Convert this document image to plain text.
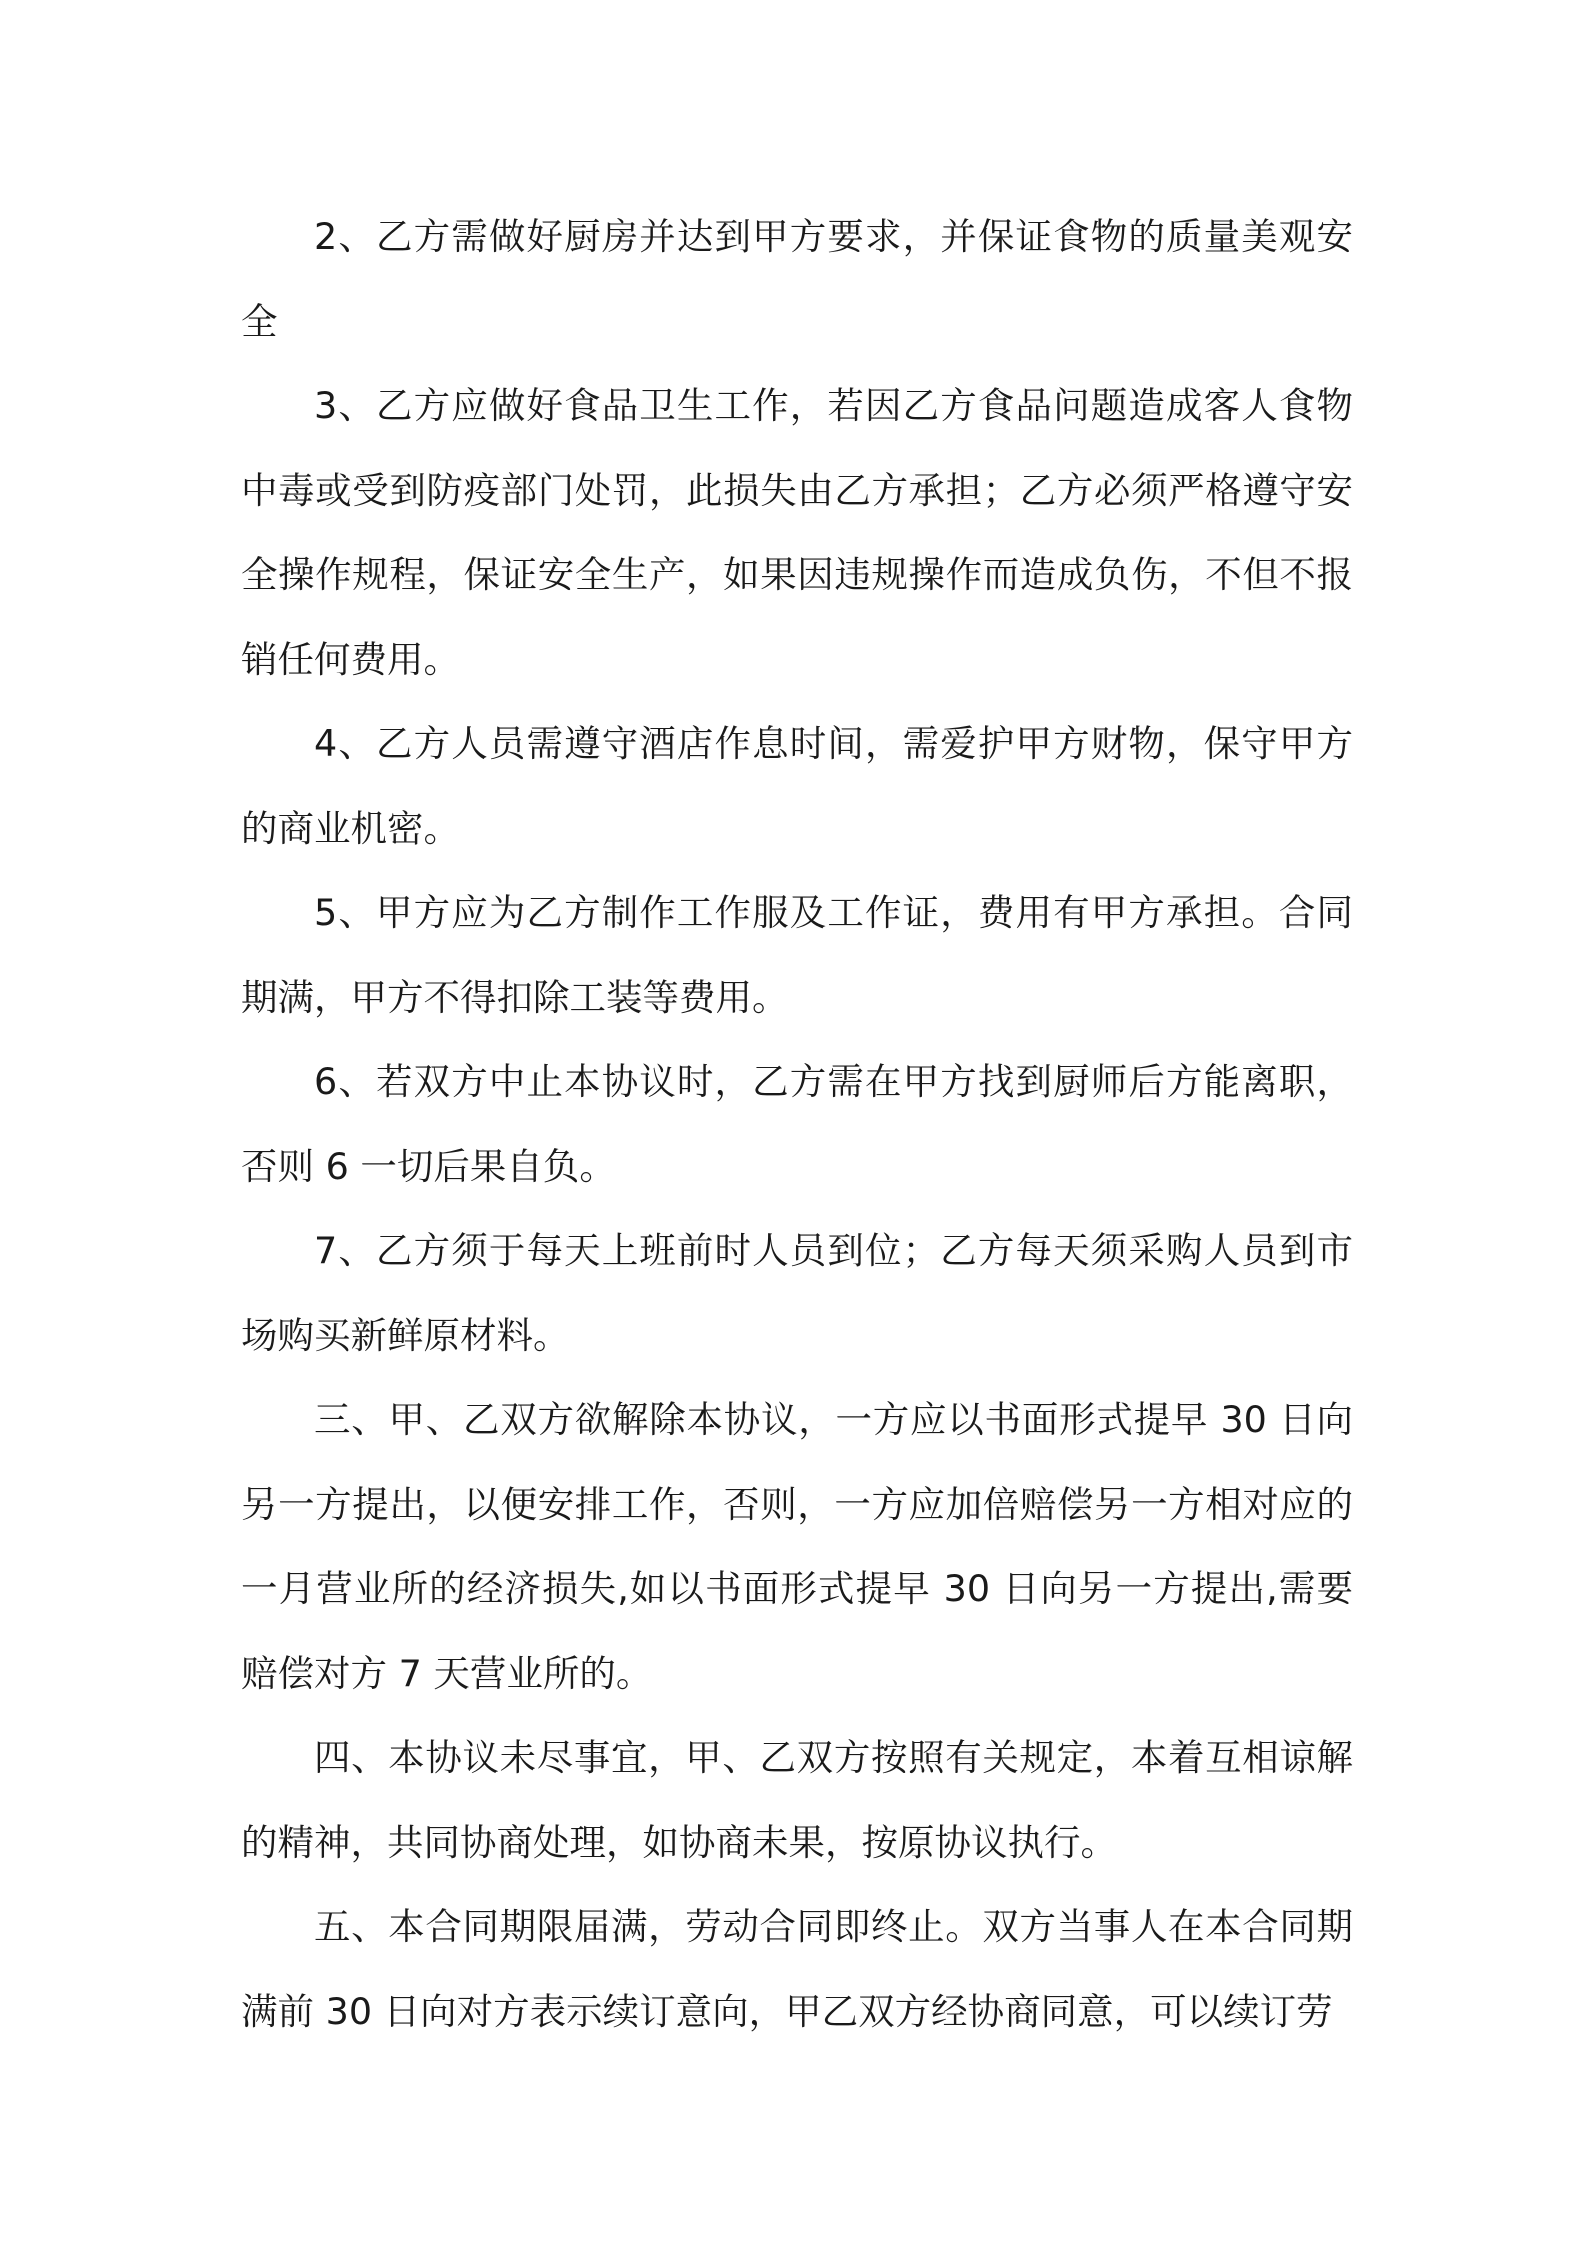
2、乙方需做好厨房并达到甲方要求，并保证食物的质量美观安全

3、乙方应做好食品卫生工作，若因乙方食品问题造成客人食物中毒或受到防疫部门处罚，此损失由乙方承担；乙方必须严格遵守安全操作规程，保证安全生产，如果因违规操作而造成负伤，不但不报销任何费用。

4、乙方人员需遵守酒店作息时间，需爱护甲方财物，保守甲方的商业机密。

5、甲方应为乙方制作工作服及工作证，费用有甲方承担。合同期满，甲方不得扣除工装等费用。

6、若双方中止本协议时，乙方需在甲方找到厨师后方能离职，否则 6 一切后果自负。

7、乙方须于每天上班前时人员到位；乙方每天须采购人员到市场购买新鲜原材料。

三、甲、乙双方欲解除本协议，一方应以书面形式提早 30 日向另一方提出，以便安排工作，否则，一方应加倍赔偿另一方相对应的一月营业所的经济损失,如以书面形式提早 30 日向另一方提出,需要赔偿对方 7 天营业所的。

四、本协议未尽事宜，甲、乙双方按照有关规定，本着互相谅解的精神，共同协商处理，如协商未果，按原协议执行。

五、本合同期限届满，劳动合同即终止。双方当事人在本合同期满前 30 日向对方表示续订意向，甲乙双方经协商同意，可以续订劳
